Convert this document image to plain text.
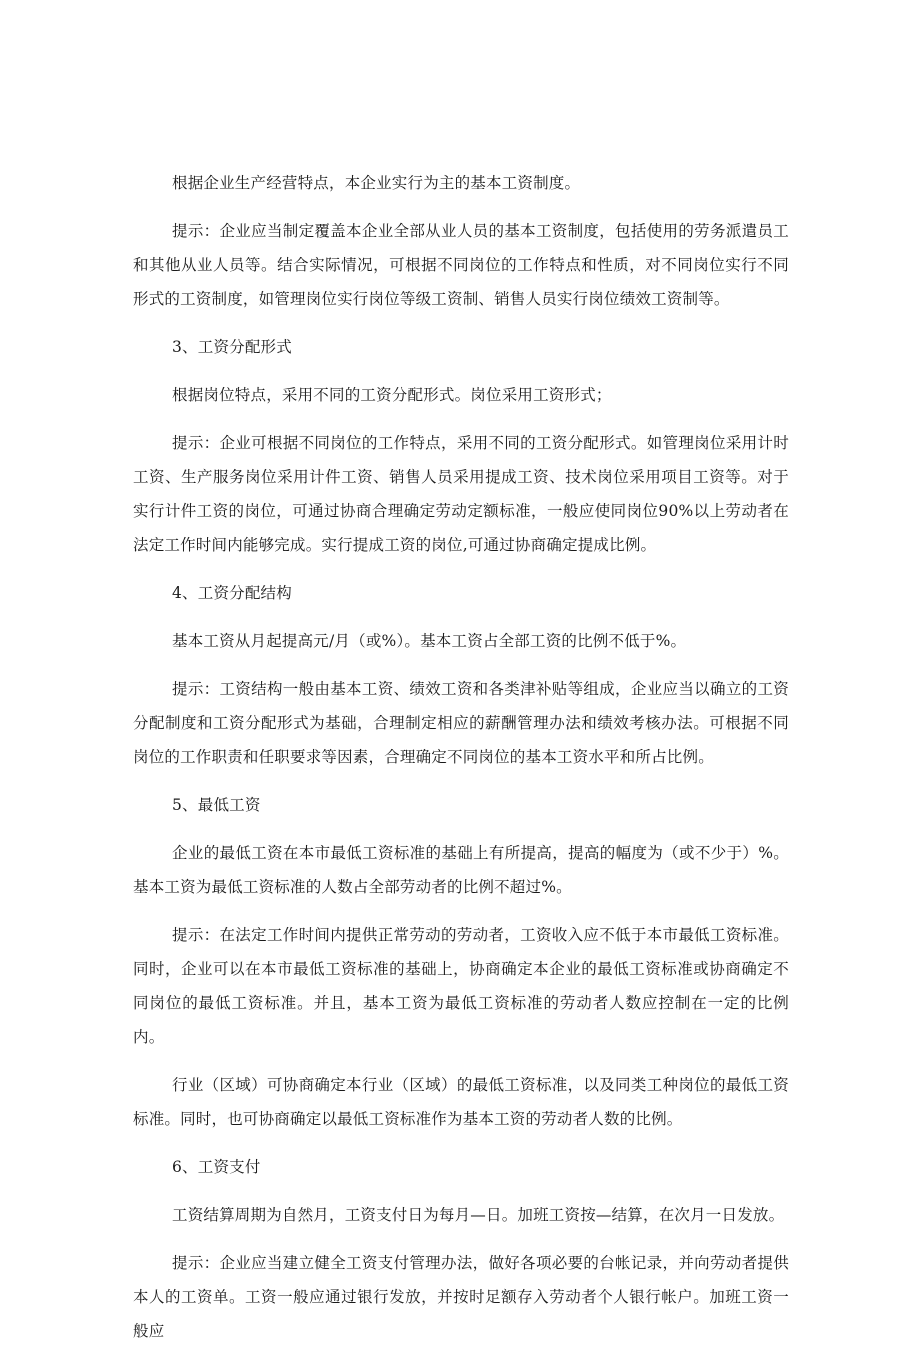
根据企业生产经营特点，本企业实行为主的基本工资制度。

提示：企业应当制定覆盖本企业全部从业人员的基本工资制度，包括使用的劳务派遣员工和其他从业人员等。结合实际情况，可根据不同岗位的工作特点和性质，对不同岗位实行不同形式的工资制度，如管理岗位实行岗位等级工资制、销售人员实行岗位绩效工资制等。

3、工资分配形式

根据岗位特点，采用不同的工资分配形式。岗位采用工资形式；

提示：企业可根据不同岗位的工作特点，采用不同的工资分配形式。如管理岗位采用计时工资、生产服务岗位采用计件工资、销售人员采用提成工资、技术岗位采用项目工资等。对于实行计件工资的岗位，可通过协商合理确定劳动定额标准，一般应使同岗位90%以上劳动者在法定工作时间内能够完成。实行提成工资的岗位,可通过协商确定提成比例。

4、工资分配结构

基本工资从月起提高元/月（或%）。基本工资占全部工资的比例不低于%。

提示：工资结构一般由基本工资、绩效工资和各类津补贴等组成，企业应当以确立的工资分配制度和工资分配形式为基础，合理制定相应的薪酬管理办法和绩效考核办法。可根据不同岗位的工作职责和任职要求等因素，合理确定不同岗位的基本工资水平和所占比例。

5、最低工资

企业的最低工资在本市最低工资标准的基础上有所提高，提高的幅度为（或不少于）%。基本工资为最低工资标准的人数占全部劳动者的比例不超过%。

提示：在法定工作时间内提供正常劳动的劳动者，工资收入应不低于本市最低工资标准。同时，企业可以在本市最低工资标准的基础上，协商确定本企业的最低工资标准或协商确定不同岗位的最低工资标准。并且，基本工资为最低工资标准的劳动者人数应控制在一定的比例内。

行业（区域）可协商确定本行业（区域）的最低工资标准，以及同类工种岗位的最低工资标准。同时，也可协商确定以最低工资标准作为基本工资的劳动者人数的比例。

6、工资支付

工资结算周期为自然月，工资支付日为每月—日。加班工资按—结算，在次月一日发放。

提示：企业应当建立健全工资支付管理办法，做好各项必要的台帐记录，并向劳动者提供本人的工资单。工资一般应通过银行发放，并按时足额存入劳动者个人银行帐户。加班工资一般应
